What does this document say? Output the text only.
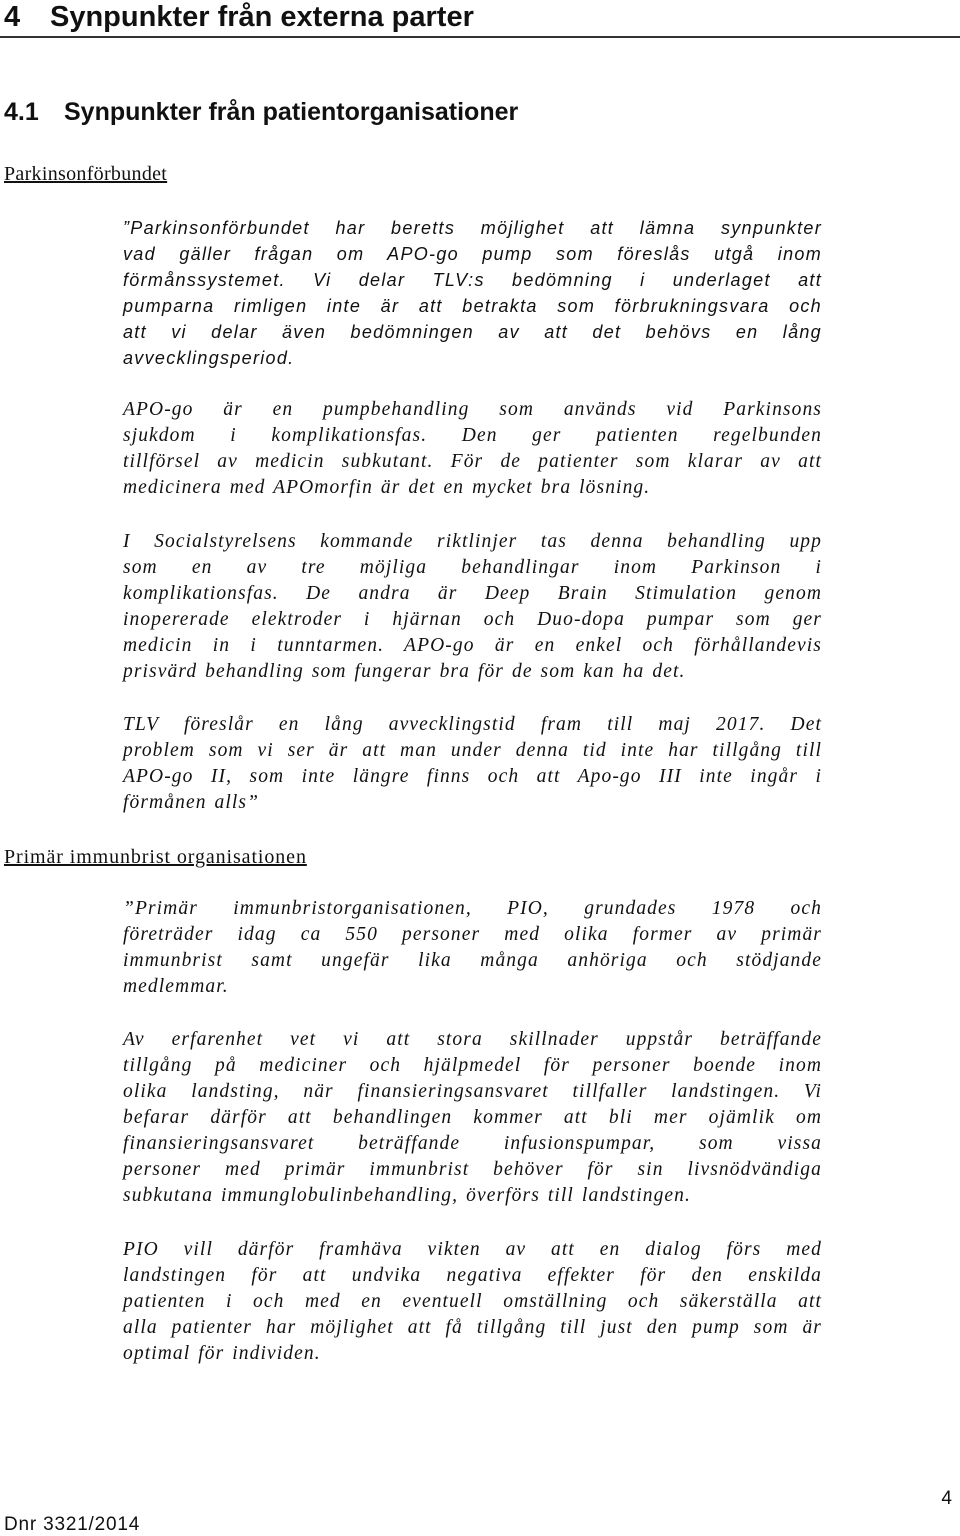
4 Synpunkter från externa parter
4.1 Synpunkter från patientorganisationer

Parkinsonförbundet

”Parkinsonförbundet har beretts möjlighet att lämna synpunkter
vad gäller frågan om APO-go pump som föreslås utgå inom
förmånssystemet. Vi delar TLV:s bedömning i underlaget att
pumparna rimligen inte är att betrakta som förbrukningsvara och
att vi delar även bedömningen av att det behövs en lång
avvecklingsperiod.
APO-go är en pumpbehandling som används vid Parkinsons
sjukdom i komplikationsfas. Den ger patienten regelbunden
tillförsel av medicin subkutant. För de patienter som klarar av att
medicinera med APOmorfin är det en mycket bra lösning.
I Socialstyrelsens kommande riktlinjer tas denna behandling upp
som en av tre möjliga behandlingar inom Parkinson i
komplikationsfas. De andra är Deep Brain Stimulation genom
inopererade elektroder i hjärnan och Duo-dopa pumpar som ger
medicin in i tunntarmen. APO-go är en enkel och förhållandevis
prisvärd behandling som fungerar bra för de som kan ha det.
TLV föreslår en lång avvecklingstid fram till maj 2017. Det
problem som vi ser är att man under denna tid inte har tillgång till
APO-go II, som inte längre finns och att Apo-go III inte ingår i
förmånen alls”

Primär immunbrist organisationen

”Primär immunbristorganisationen, PIO, grundades 1978 och
företräder idag ca 550 personer med olika former av primär
immunbrist samt ungefär lika många anhöriga och stödjande
medlemmar.
Av erfarenhet vet vi att stora skillnader uppstår beträffande
tillgång på mediciner och hjälpmedel för personer boende inom
olika landsting, när finansieringsansvaret tillfaller landstingen. Vi
befarar därför att behandlingen kommer att bli mer ojämlik om
finansieringsansvaret beträffande infusionspumpar, som vissa
personer med primär immunbrist behöver för sin livsnödvändiga
subkutana immunglobulinbehandling, överförs till landstingen.
PIO vill därför framhäva vikten av att en dialog förs med
landstingen för att undvika negativa effekter för den enskilda
patienten i och med en eventuell omställning och säkerställa att
alla patienter har möjlighet att få tillgång till just den pump som är
optimal för individen.

Dnr 3321/2014

4
